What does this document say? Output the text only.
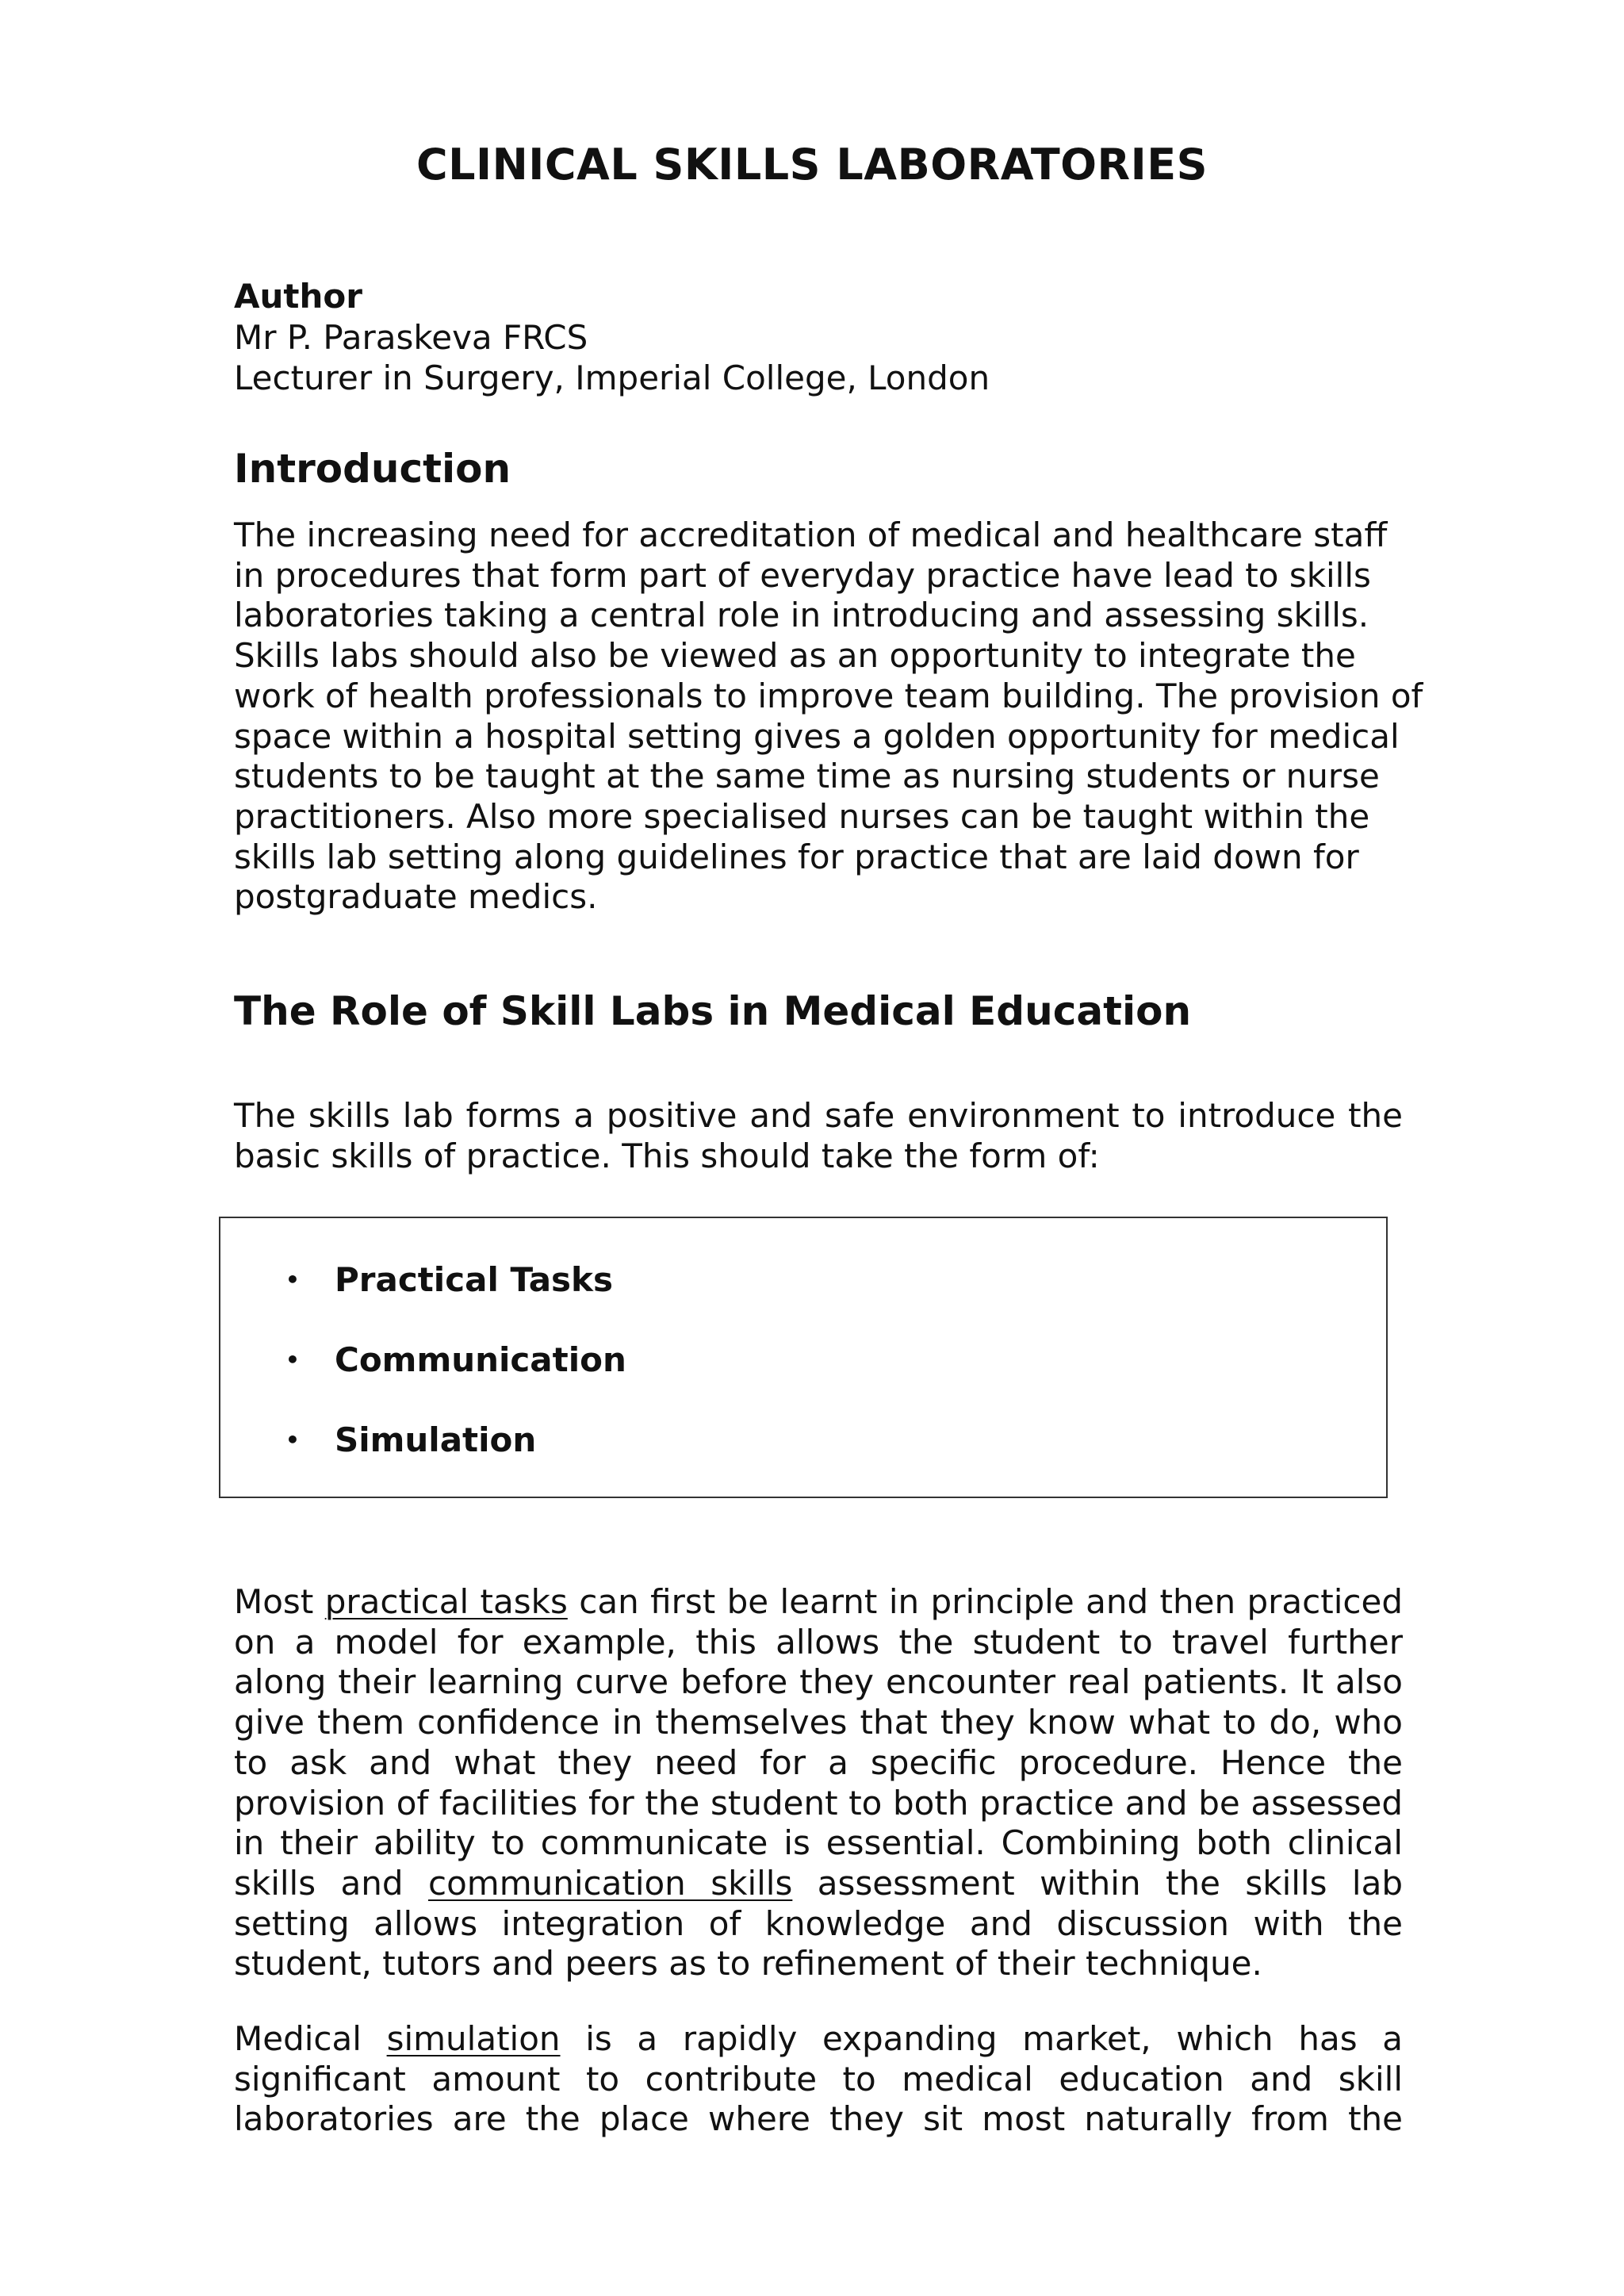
CLINICAL SKILLS LABORATORIES
Author
Mr P. Paraskeva FRCS
Lecturer in Surgery, Imperial College, London
Introduction
The increasing need for accreditation of medical and healthcare staff in procedures that form part of everyday practice have lead to skills laboratories taking a central role in introducing and assessing skills. Skills labs should also be viewed as an opportunity to integrate the work of health professionals to improve team building. The provision of space within a hospital setting gives a golden opportunity for medical students to be taught at the same time as nursing students or nurse practitioners. Also more specialised nurses can be taught within the skills lab setting along guidelines for practice that are laid down for postgraduate medics.
The Role of Skill Labs in Medical Education
The skills lab forms a positive and safe environment to introduce the basic skills of practice. This should take the form of:
• Practical Tasks
• Communication
• Simulation
Most practical tasks can first be learnt in principle and then practiced on a model for example, this allows the student to travel further along their learning curve before they encounter real patients. It also give them confidence in themselves that they know what to do, who to ask and what they need for a specific procedure. Hence the provision of facilities for the student to both practice and be assessed in their ability to communicate is essential. Combining both clinical skills and communication skills assessment within the skills lab setting allows integration of knowledge and discussion with the student, tutors and peers as to refinement of their technique.
Medical simulation is a rapidly expanding market, which has a significant amount to contribute to medical education and skill laboratories are the place where they sit most naturally from the
